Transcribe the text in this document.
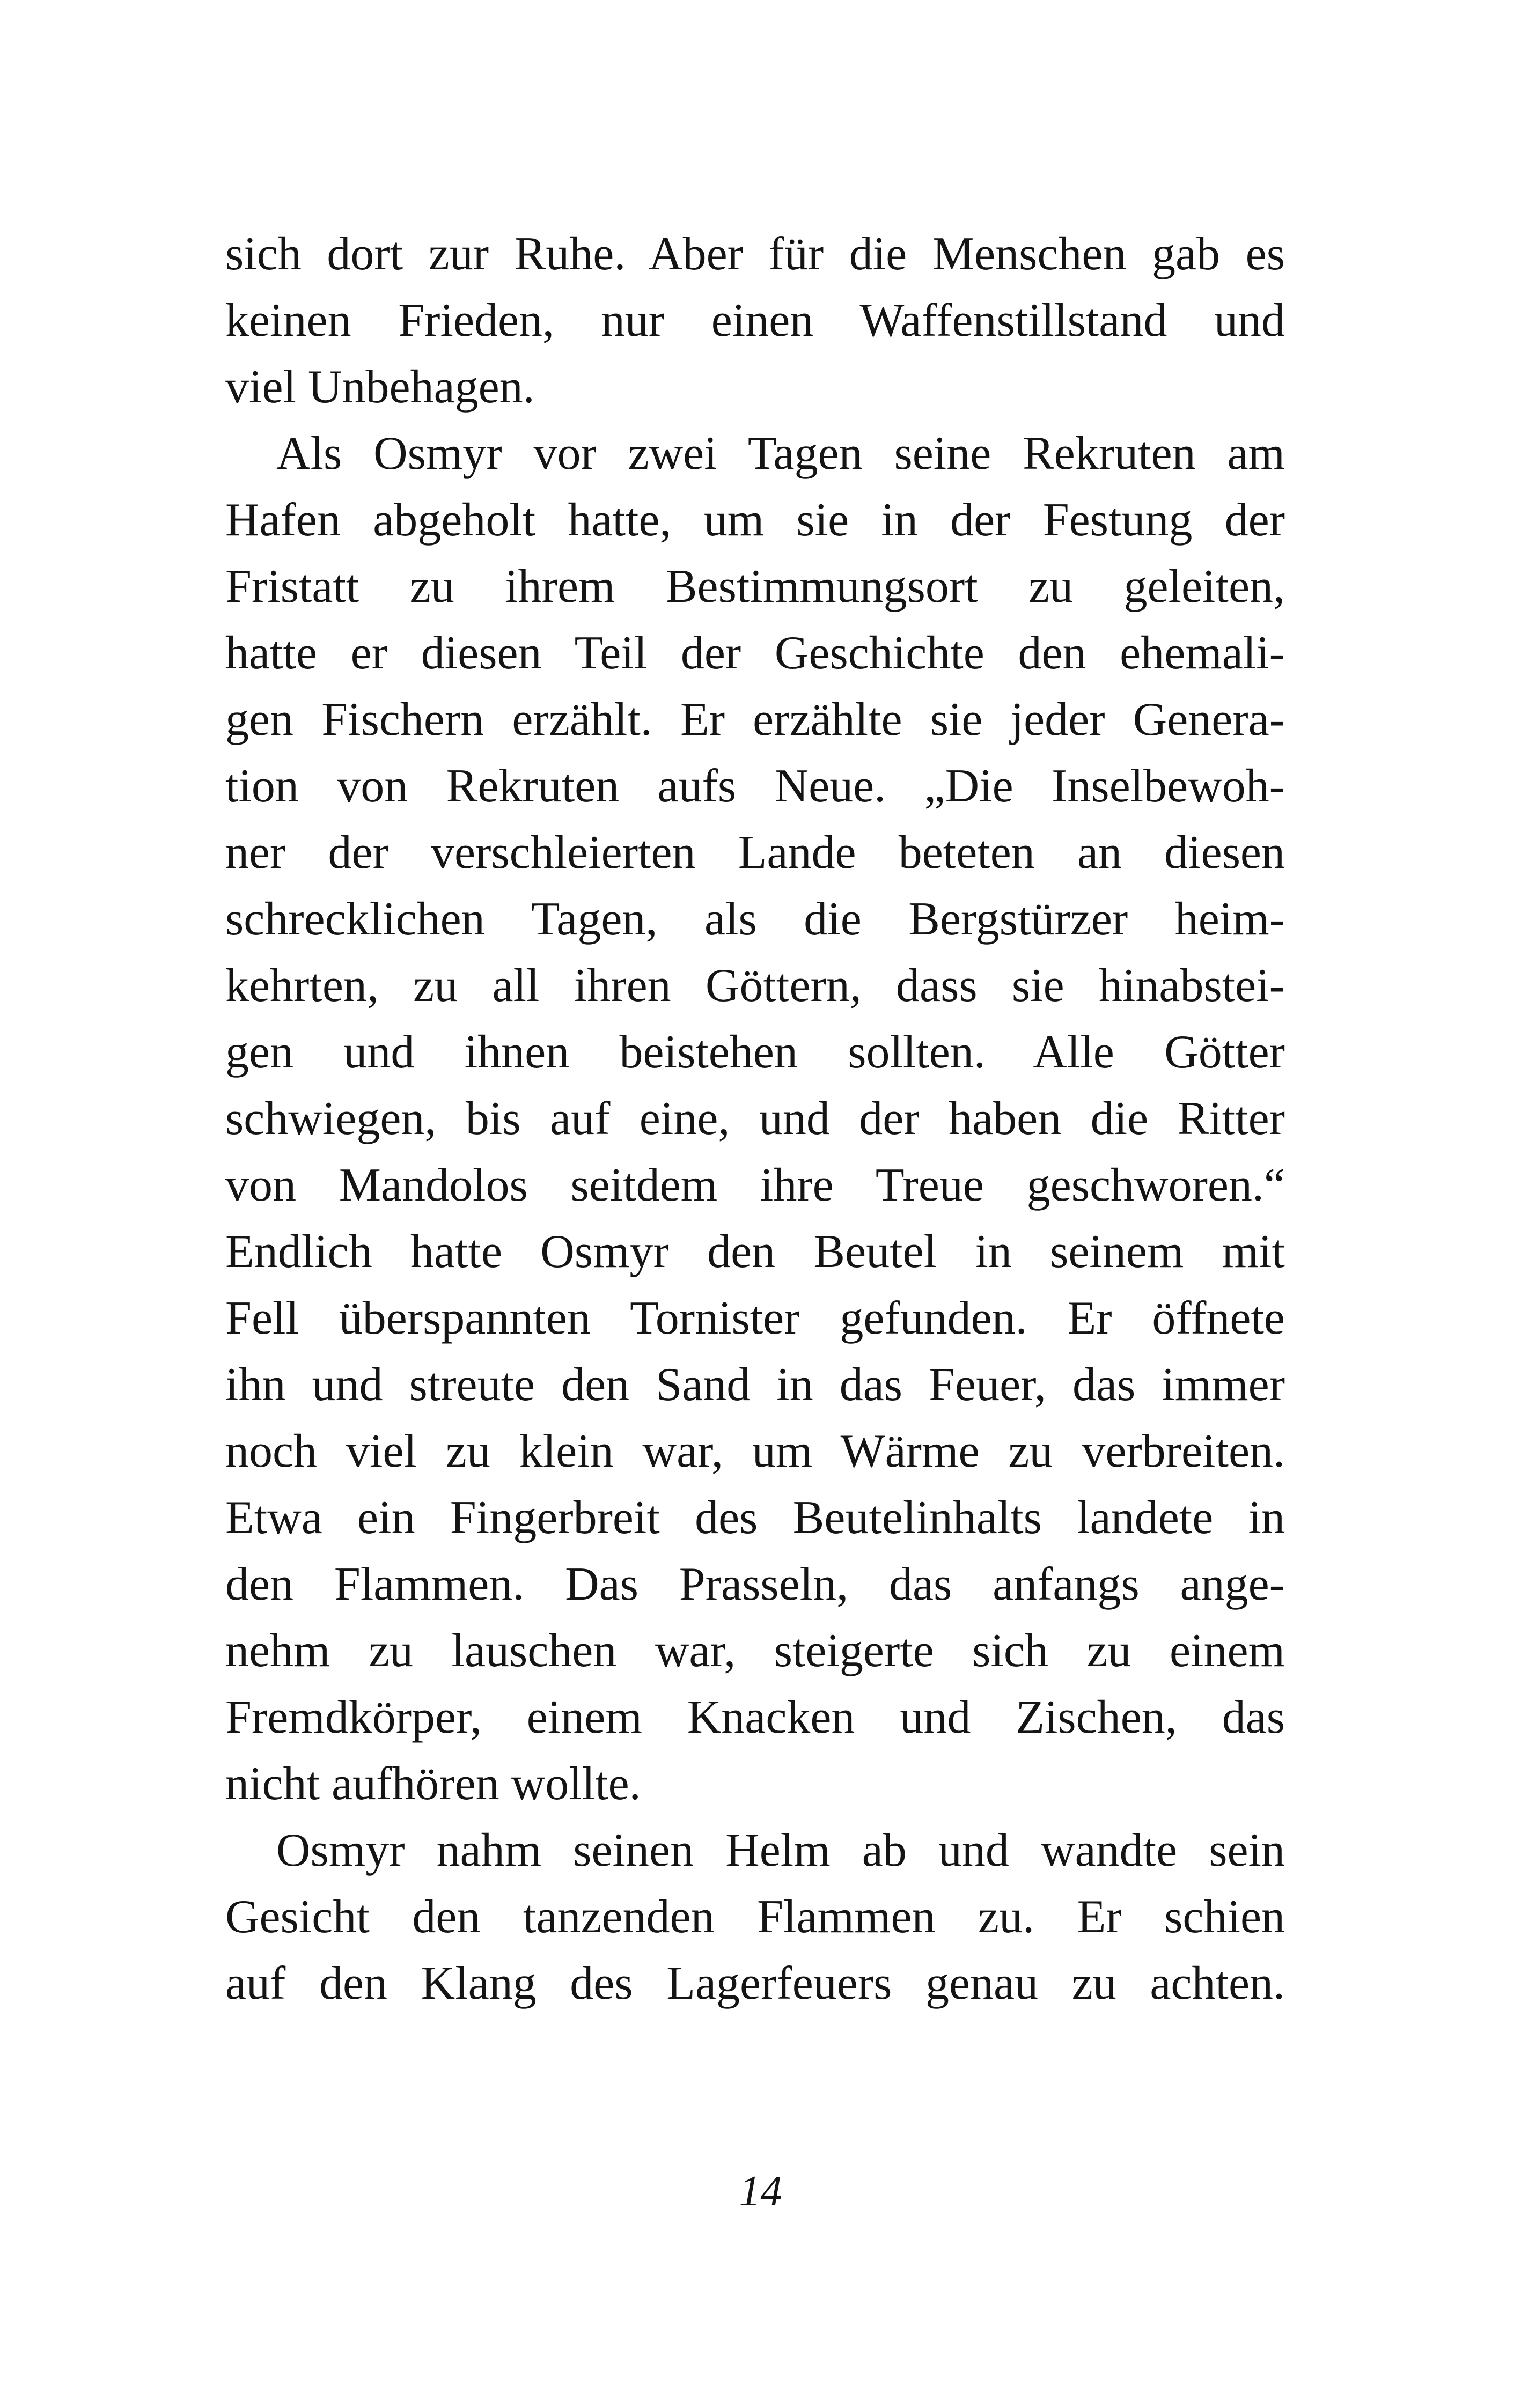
sich dort zur Ruhe. Aber für die Menschen gab es
keinen Frieden, nur einen Waffenstillstand und
viel Unbehagen.
Als Osmyr vor zwei Tagen seine Rekruten am
Hafen abgeholt hatte, um sie in der Festung der
Fristatt zu ihrem Bestimmungsort zu geleiten,
hatte er diesen Teil der Geschichte den ehemali-
gen Fischern erzählt. Er erzählte sie jeder Genera-
tion von Rekruten aufs Neue. „Die Inselbewoh-
ner der verschleierten Lande beteten an diesen
schrecklichen Tagen, als die Bergstürzer heim-
kehrten, zu all ihren Göttern, dass sie hinabstei-
gen und ihnen beistehen sollten. Alle Götter
schwiegen, bis auf eine, und der haben die Ritter
von Mandolos seitdem ihre Treue geschworen.“
Endlich hatte Osmyr den Beutel in seinem mit
Fell überspannten Tornister gefunden. Er öffnete
ihn und streute den Sand in das Feuer, das immer
noch viel zu klein war, um Wärme zu verbreiten.
Etwa ein Fingerbreit des Beutelinhalts landete in
den Flammen. Das Prasseln, das anfangs ange-
nehm zu lauschen war, steigerte sich zu einem
Fremdkörper, einem Knacken und Zischen, das
nicht aufhören wollte.
Osmyr nahm seinen Helm ab und wandte sein
Gesicht den tanzenden Flammen zu. Er schien
auf den Klang des Lagerfeuers genau zu achten.
14
